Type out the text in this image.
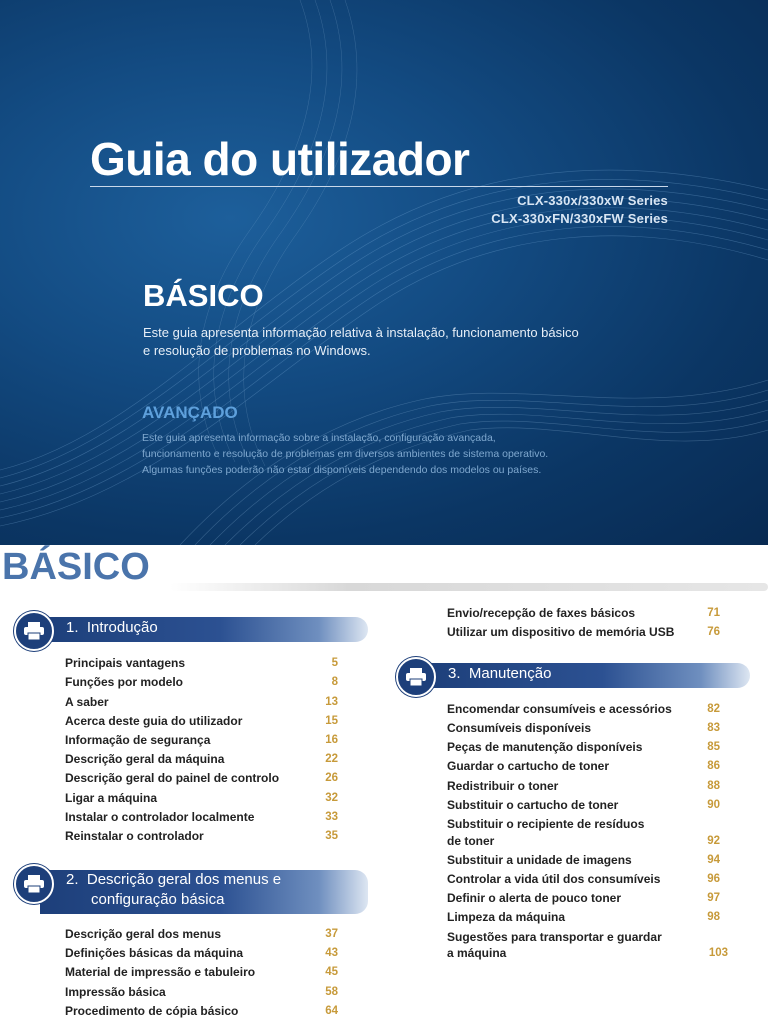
Guia do utilizador
CLX-330x/330xW Series
CLX-330xFN/330xFW Series
BÁSICO

Este guia apresenta informação relativa à instalação, funcionamento básico e resolução de problemas no Windows.

AVANÇADO

Este guia apresenta informação sobre a instalação, configuração avançada,
funcionamento e resolução de problemas em diversos ambientes de sistema operativo.
Algumas funções poderão não estar disponíveis dependendo dos modelos ou países.

BÁSICO

1. Introdução

Principais vantagens	5
Funções por modelo	8
A saber	13
Acerca deste guia do utilizador	15
Informação de segurança	16
Descrição geral da máquina	22
Descrição geral do painel de controlo	26
Ligar a máquina	32
Instalar o controlador localmente	33
Reinstalar o controlador	35

2. Descrição geral dos menus e

configuração básica

Descrição geral dos menus	37
Definições básicas da máquina	43
Material de impressão e tabuleiro	45
Impressão básica	58
Procedimento de cópia básico	64
Envio/recepção de faxes básicos	71
Utilizar um dispositivo de memória USB	76

3. Manutenção

Encomendar consumíveis e acessórios	82
Consumíveis disponíveis	83
Peças de manutenção disponíveis	85
Guardar o cartucho de toner	86
Redistribuir o toner	88
Substituir o cartucho de toner	90
Substituir o recipiente de resíduos
de toner	92
Substituir a unidade de imagens	94
Controlar a vida útil dos consumíveis	96
Definir o alerta de pouco toner	97
Limpeza da máquina	98
Sugestões para transportar e guardar
a máquina	103
